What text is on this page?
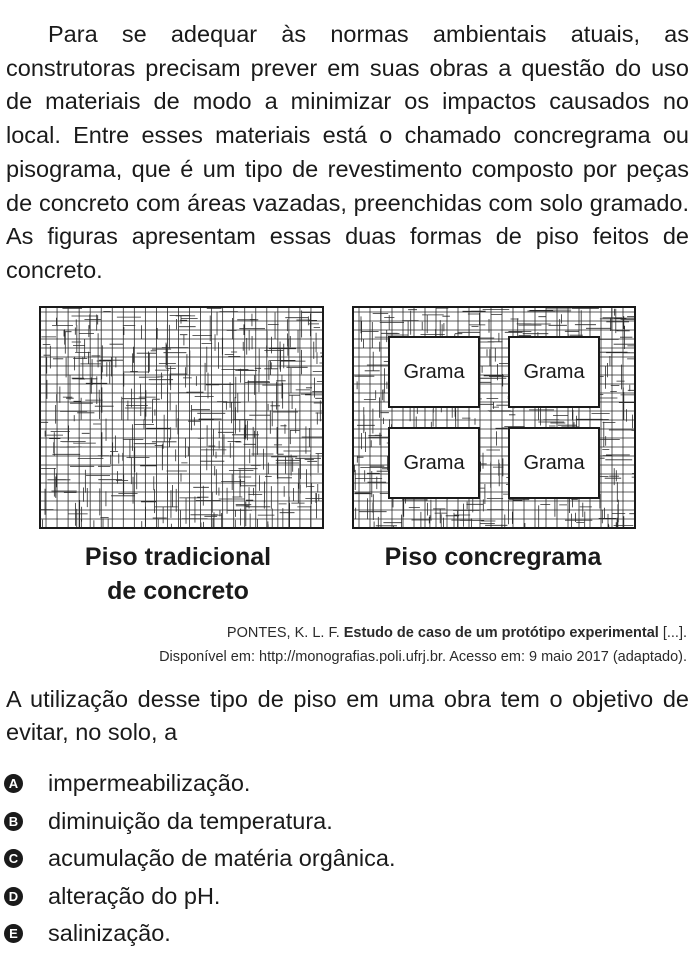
Para se adequar às normas ambientais atuais, as construtoras precisam prever em suas obras a questão do uso de materiais de modo a minimizar os impactos causados no local. Entre esses materiais está o chamado concregrama ou pisograma, que é um tipo de revestimento composto por peças de concreto com áreas vazadas, preenchidas com solo gramado. As figuras apresentam essas duas formas de piso feitos de concreto.

Grama	Grama
Grama	Grama
Piso tradicional
de concreto
Piso concregrama
PONTES, K. L. F. Estudo de caso de um protótipo experimental [...].
Disponível em: http://monografias.poli.ufrj.br. Acesso em: 9 maio 2017 (adaptado).

A utilização desse tipo de piso em uma obra tem o objetivo de evitar, no solo, a

A impermeabilização.
B diminuição da temperatura.
C acumulação de matéria orgânica.
D alteração do pH.
E salinização.
